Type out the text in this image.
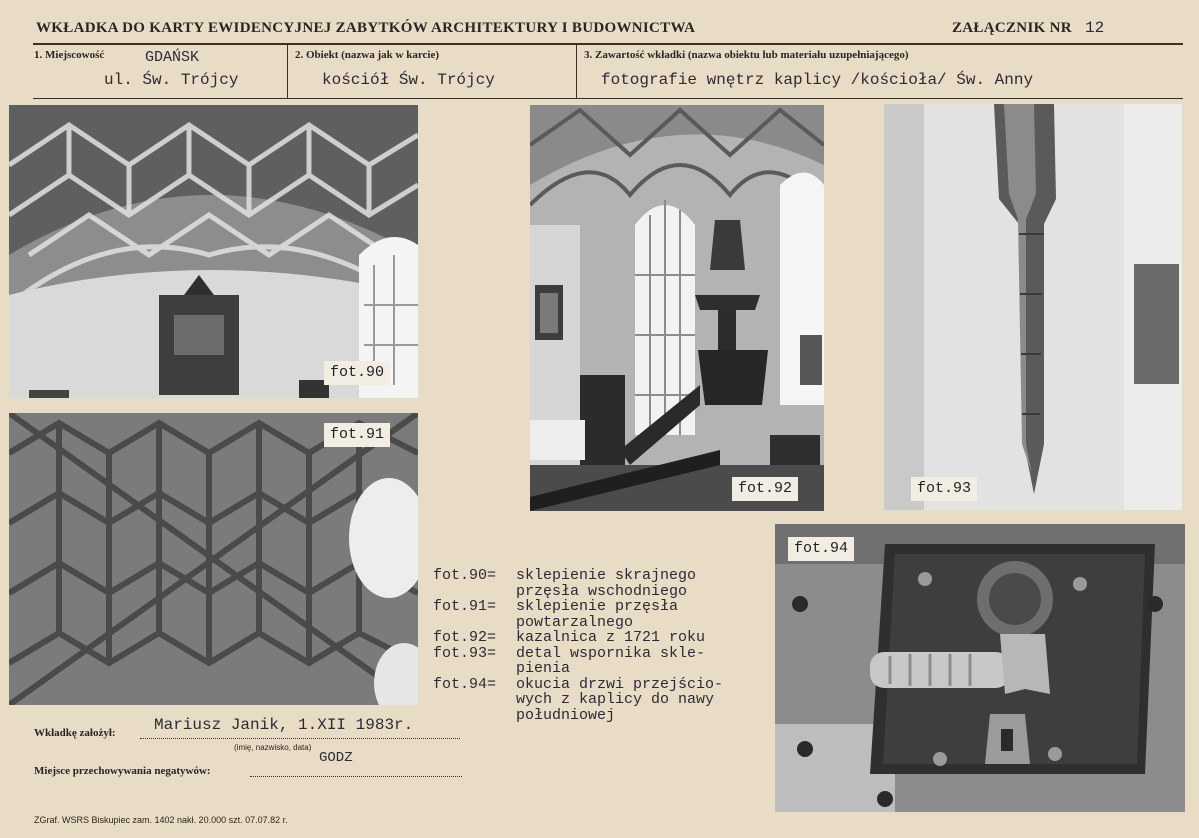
WKŁADKA DO KARTY EWIDENCYJNEJ ZABYTKÓW ARCHITEKTURY I BUDOWNICTWA	ZAŁĄCZNIK NR 12
1. Miejscowość	GDAŃSK
ul. Św. Trójcy
2. Obiekt (nazwa jak w karcie)
kościół Św. Trójcy
3. Zawartość wkładki (nazwa obiektu lub materiału uzupełniającego)
fotografie wnętrz kaplicy /kościoła/ Św. Anny
fot.90
fot.91
fot.92	fot.93
fot.94
fot.90= sklepienie skrajnego
przęsła wschodniego
fot.91= sklepienie przęsła
powtarzalnego
fot.92= kazalnica z 1721 roku
fot.93= detal wspornika skle-
pienia
fot.94= okucia drzwi przejścio-
wych z kaplicy do nawy
południowej
Wkładkę założył: Mariusz Janik, 1.XII 1983r.
(imię, nazwisko, data)
GODZ
Miejsce przechowywania negatywów:
ZGraf. WSRS Biskupiec zam. 1402 nakł. 20.000 szt. 07.07.82 r.
